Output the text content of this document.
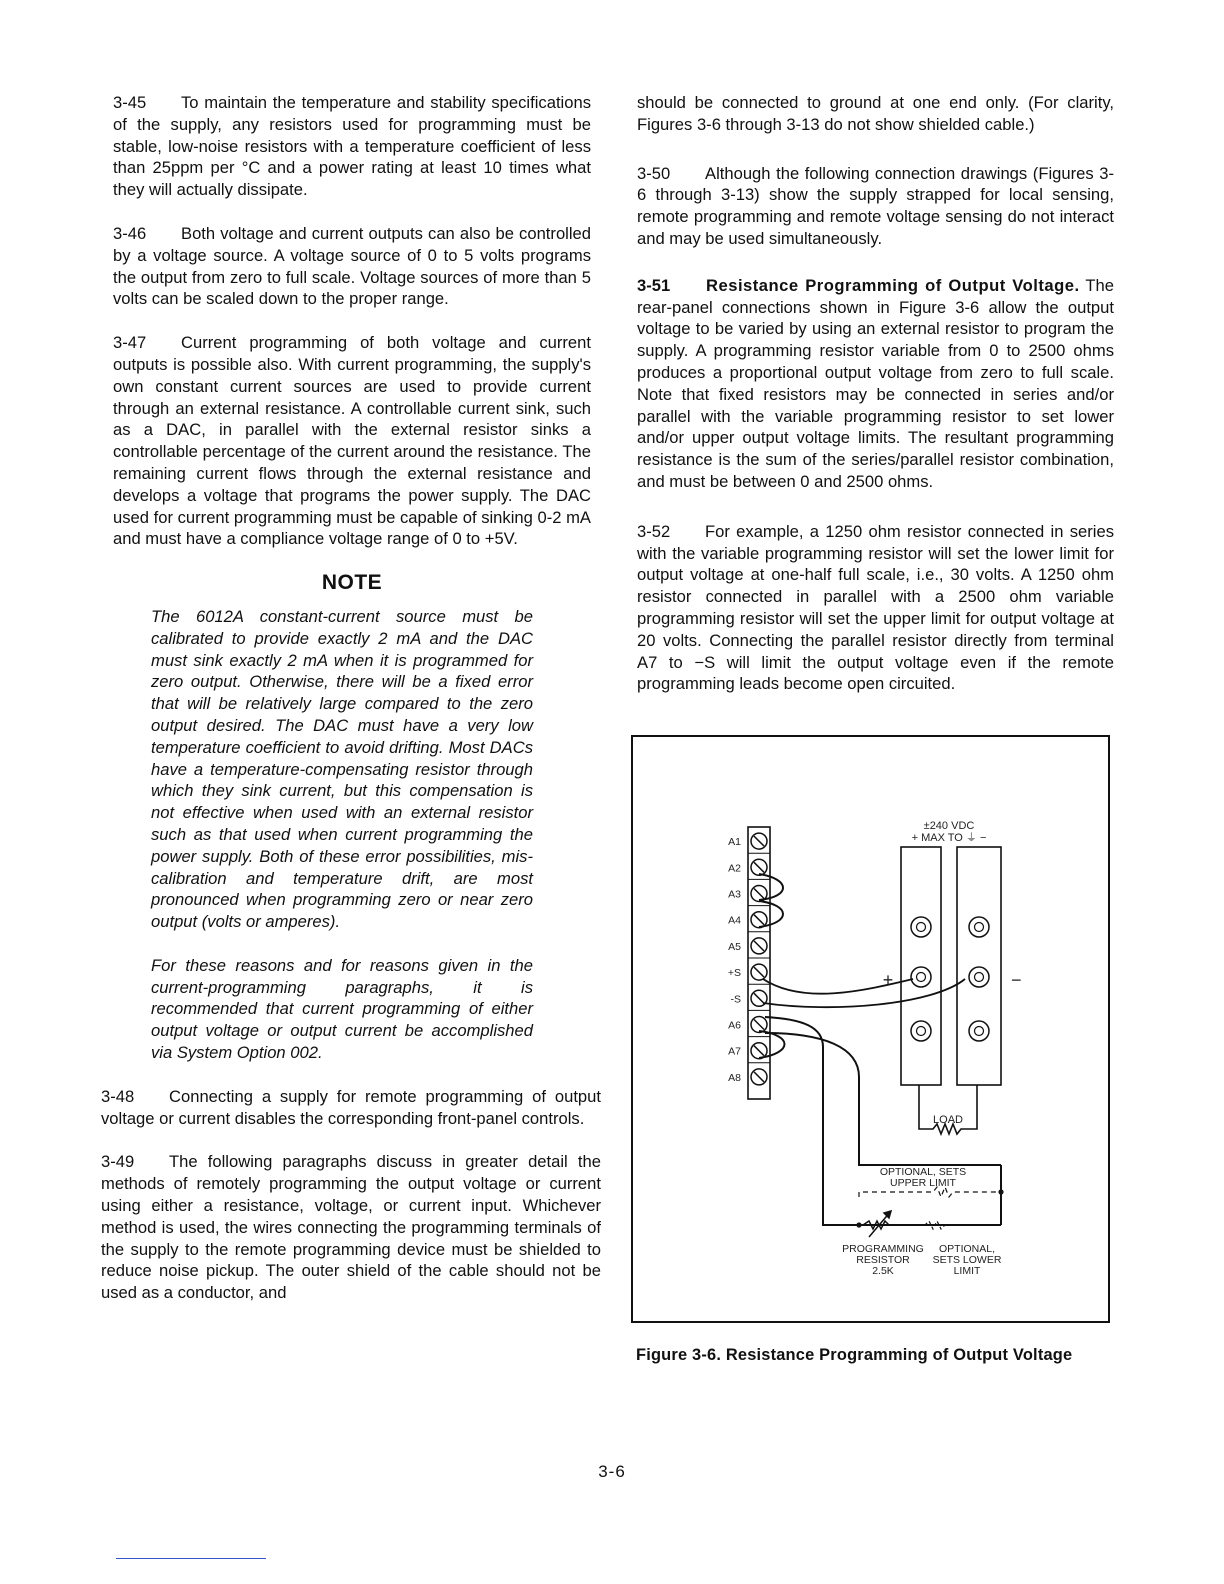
3-45 To maintain the temperature and stability specifications of the supply, any resistors used for programming must be stable, low-noise resistors with a temperature coefficient of less than 25ppm per °C and a power rating at least 10 times what they will actually dissipate.

3-46 Both voltage and current outputs can also be controlled by a voltage source. A voltage source of 0 to 5 volts programs the output from zero to full scale. Voltage sources of more than 5 volts can be scaled down to the proper range.

3-47 Current programming of both voltage and current outputs is possible also. With current programming, the supply's own constant current sources are used to provide current through an external resistance. A controllable current sink, such as a DAC, in parallel with the external resistor sinks a controllable percentage of the current around the resistance. The remaining current flows through the external resistance and develops a voltage that programs the power supply. The DAC used for current programming must be capable of sinking 0-2 mA and must have a compliance voltage range of 0 to +5V.

NOTE

The 6012A constant-current source must be calibrated to provide exactly 2 mA and the DAC must sink exactly 2 mA when it is programmed for zero output. Otherwise, there will be a fixed error that will be relatively large compared to the zero output desired. The DAC must have a very low temperature coefficient to avoid drifting. Most DACs have a temperature-compensating resistor through which they sink current, but this compensation is not effective when used with an external resistor such as that used when current programming the power supply. Both of these error possibilities, mis-calibration and temperature drift, are most pronounced when programming zero or near zero output (volts or amperes).

For these reasons and for reasons given in the current-programming paragraphs, it is recommended that current programming of either output voltage or output current be accomplished via System Option 002.

3-48 Connecting a supply for remote programming of output voltage or current disables the corresponding front-panel controls.

3-49 The following paragraphs discuss in greater detail the methods of remotely programming the output voltage or current using either a resistance, voltage, or current input. Whichever method is used, the wires connecting the programming terminals of the supply to the remote programming device must be shielded to reduce noise pickup. The outer shield of the cable should not be used as a conductor, and

should be connected to ground at one end only. (For clarity, Figures 3-6 through 3-13 do not show shielded cable.)

3-50 Although the following connection drawings (Figures 3-6 through 3-13) show the supply strapped for local sensing, remote programming and remote voltage sensing do not interact and may be used simultaneously.

3-51 Resistance Programming of Output Voltage. The rear-panel connections shown in Figure 3-6 allow the output voltage to be varied by using an external resistor to program the supply. A programming resistor variable from 0 to 2500 ohms produces a proportional output voltage from zero to full scale. Note that fixed resistors may be connected in series and/or parallel with the variable programming resistor to set lower and/or upper output voltage limits. The resultant programming resistance is the sum of the series/parallel resistor combination, and must be between 0 and 2500 ohms.

3-52 For example, a 1250 ohm resistor connected in series with the variable programming resistor will set the lower limit for output voltage at one-half full scale, i.e., 30 volts. A 1250 ohm resistor connected in parallel with a 2500 ohm variable programming resistor will set the upper limit for output voltage at 20 volts. Connecting the parallel resistor directly from terminal A7 to −S will limit the output voltage even if the remote programming leads become open circuited.

A1
A2
A3
A4
A5
+S
-S
A6
A7
A8
±240 VDC
+ MAX TO ⏚ −
+	−
LOAD
OPTIONAL, SETS
UPPER LIMIT
PROGRAMMING
RESISTOR
2.5K
OPTIONAL,
SETS LOWER
LIMIT
Figure 3-6. Resistance Programming of Output Voltage
3-6
